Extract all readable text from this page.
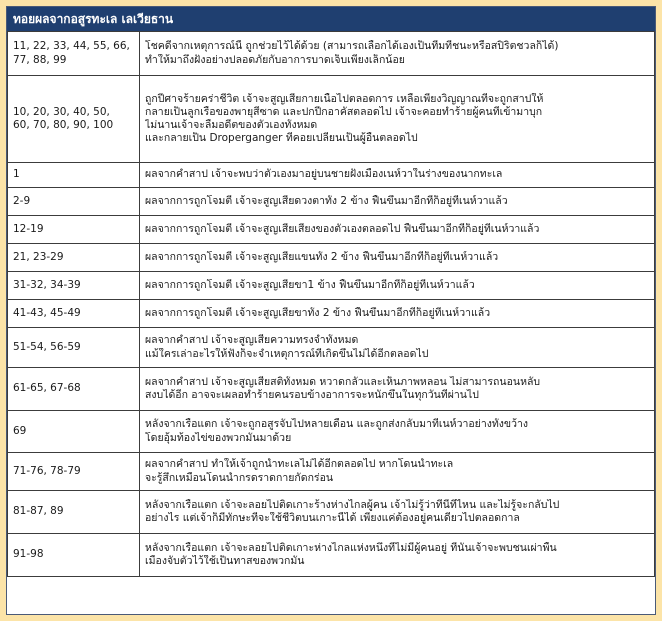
ทอยผลจากอสูรทะเล เลเวียธาน
11, 22, 33, 44, 55, 66,
77, 88, 99	โชคดีจากเหตุการณ์นี้ ถูกช่วยไว้ได้ด้วย (สามารถเลือกได้เองเป็นทีมที่ชนะหรือสปิริตชวลก็ได้)
ทำให้มาถึงฝั่งอย่างปลอดภัยกับอาการบาดเจ็บเพียงเล็กน้อย

10, 20, 30, 40, 50,
60, 70, 80, 90, 100	ถูกปีศาจร้ายคร่าชีวิต เจ้าจะสูญเสียกายเนื้อไปตลอดการ เหลือเพียงวิญญาณที่จะถูกสาปให้
กลายเป็นลูกเรือของพายุสีซาด และปกปีกอาคัสตลอดไป เจ้าจะคอยทำร้ายผู้คนที่เข้ามาบุก
ไม่นานเจ้าจะลืมอดีตของตัวเองทั้งหมด
และกลายเป็น Droperganger ที่คอยเปลี่ยนเป็นผู้อื่นตลอดไป

1	ผลจากคำสาป เจ้าจะพบว่าตัวเองมาอยู่บนชายฝั่งเมืองเนห์วาในร่างของนากทะเล

2-9	ผลจากการถูกโจมตี เจ้าจะสูญเสียดวงตาทั้ง 2 ข้าง ฟื้นขึ้นมาอีกทีก็อยู่ที่เนห์วาแล้ว

12-19	ผลจากการถูกโจมตี เจ้าจะสูญเสียเสียงของตัวเองตลอดไป ฟื้นขึ้นมาอีกทีก็อยู่ที่เนห์วาแล้ว

21, 23-29	ผลจากการถูกโจมตี เจ้าจะสูญเสียแขนทั้ง 2 ข้าง ฟื้นขึ้นมาอีกทีก็อยู่ที่เนห์วาแล้ว

31-32, 34-39	ผลจากการถูกโจมตี เจ้าจะสูญเสียขา1 ข้าง ฟื้นขึ้นมาอีกทีก็อยู่ที่เนห์วาแล้ว

41-43, 45-49	ผลจากการถูกโจมตี เจ้าจะสูญเสียขาทั้ง 2 ข้าง ฟื้นขึ้นมาอีกทีก็อยู่ที่เนห์วาแล้ว

51-54, 56-59	ผลจากคำสาป เจ้าจะสูญเสียความทรงจำทั้งหมด
แม้ใครเล่าอะไรให้ฟังก็จะจำเหตุการณ์ที่เกิดขึ้นไม่ได้อีกตลอดไป

61-65, 67-68	ผลจากคำสาป เจ้าจะสูญเสียสติทั้งหมด หวาดกลัวและเห็นภาพหลอน ไม่สามารถนอนหลับ
สงบได้อีก อาจจะเผลอทำร้ายคนรอบข้างอาการจะหนักขึ้นในทุกวันที่ผ่านไป

69	หลังจากเรือแตก เจ้าจะถูกอสูรจับไปหลายเดือน และถูกส่งกลับมาที่เนห์วาอย่างทั้งขว้าง
โดยอุ้มท้องไข่ของพวกมันมาด้วย

71-76, 78-79	ผลจากคำสาป ทำให้เจ้าถูกน้ำทะเลไม่ได้อีกตลอดไป หากโดนน้ำทะเล
จะรู้สึกเหมือนโดนน้ำกรดราดกายกัดกร่อน

81-87, 89	หลังจากเรือแตก เจ้าจะลอยไปติดเกาะร้างห่างไกลผู้คน เจ้าไม่รู้ว่าที่นี่ที่ไหน และไม่รู้จะกลับไป
อย่างไร แต่เจ้าก็มีทักษะที่จะใช้ชีวิตบนเกาะนี้ได้ เพียงแค่ต้องอยู่คนเดียวไปตลอดกาล

91-98	หลังจากเรือแตก เจ้าจะลอยไปติดเกาะห่างไกลแห่งหนึ่งที่ไม่มีผู้คนอยู่ ที่นั่นเจ้าจะพบชนเผ่าพื้น
เมืองจับตัวไว้ใช้เป็นทาสของพวกมัน
